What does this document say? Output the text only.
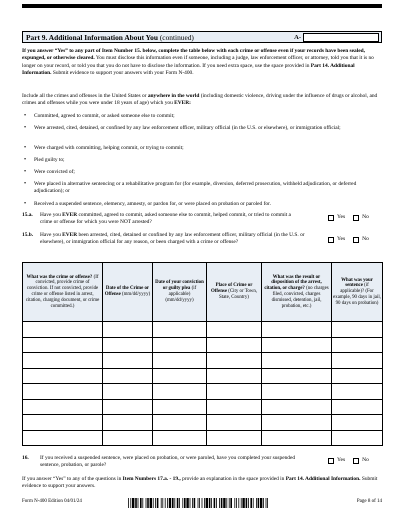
Part 9. Additional Information About You (continued)	A-
If you answer “Yes” to any part of Item Number 15. below, complete the table below with each crime or offense even if your records have been sealed, expunged, or otherwise cleared. You must disclose this information even if someone, including a judge, law enforcement officer, or attorney, told you that it is no longer on your record, or told you that you do not have to disclose the information. If you need extra space, use the space provided in Part 14. Additional Information. Submit evidence to support your answers with your Form N-400.
Include all the crimes and offenses in the United States or anywhere in the world (including domestic violence, driving under the influence of drugs or alcohol, and crimes and offenses while you were under 18 years of age) which you EVER:
• Committed, agreed to commit, or asked someone else to commit;
• Were arrested, cited, detained, or confined by any law enforcement officer, military official (in the U.S. or elsewhere), or immigration official;
• Were charged with committing, helping commit, or trying to commit;
• Pled guilty to;
• Were convicted of;
• Were placed in alternative sentencing or a rehabilitative program for (for example, diversion, deferred prosecution, withheld adjudication, or deferred adjudication); or
• Received a suspended sentence, elemency, amnesty, or pardon for, or were placed on probation or paroled for.
15.a. Have you EVER committed, agreed to commit, asked someone else to commit, helped commit, or tried to commit a crime or offense for which you were NOT arrested?
Yes	No
15.b. Have you EVER been arrested, cited, detained or confined by any law enforcement officer, military official (in the U.S. or elsewhere), or immigration official for any reason, or been charged with a crime or offense?
Yes	No
What was the crime or offense? (If convicted, provide crime of conviction. If not convicted, provide crime or offense listed in arrest, citation, charging document, or crime committed.)	Date of the Crime or Offense (mm/dd/yyyy)	Date of your conviction or guilty plea (if applicable) (mm/dd/yyyy)	Place of Crime or Offense (City or Town, State, Country)	What was the result or disposition of the arrest, citation, or charge? (no charges filed, convicted, charges dismissed, detention, jail, probation, etc.)	What was your sentence (if applicable)? (For example, 90 days in jail, 90 days on probation)

16. If you received a suspended sentence, were placed on probation, or were paroled, have you completed your suspended sentence, probation, or parole?
Yes	No
If you answer “Yes” to any of the questions in Item Numbers 17.a. - 19., provide an explanation in the space provided in Part 14. Additional Information. Submit evidence to support your answers.
Form N-400 Edition 04/01/24	Page 8 of 14
